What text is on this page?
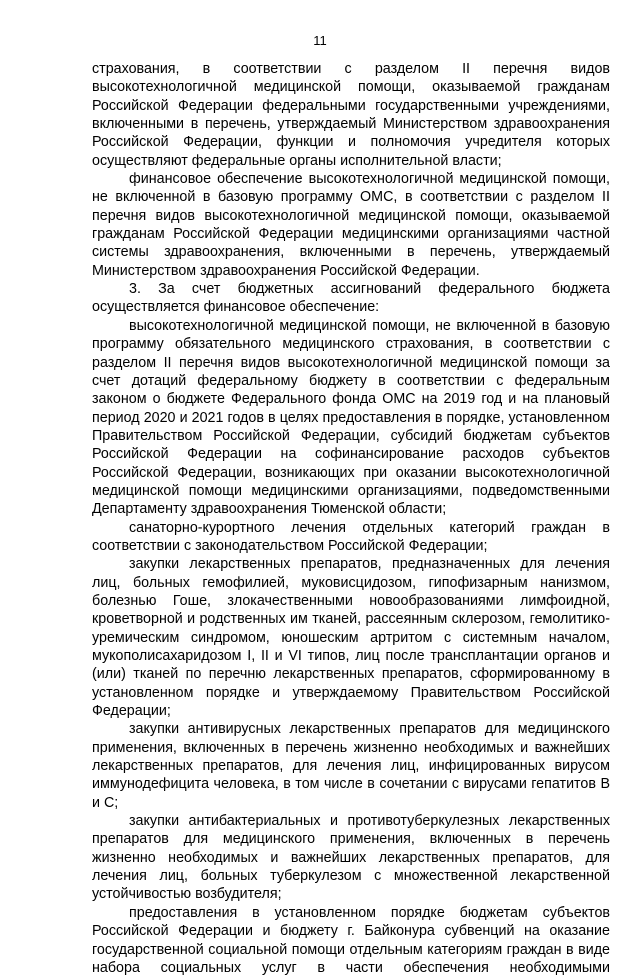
11

страхования, в соответствии с разделом II перечня видов высокотехнологичной медицинской помощи, оказываемой гражданам Российской Федерации федеральными государственными учреждениями, включенными в перечень, утверждаемый Министерством здравоохранения Российской Федерации, функции и полномочия учредителя которых осуществляют федеральные органы исполнительной власти;

финансовое обеспечение высокотехнологичной медицинской помощи, не включенной в базовую программу ОМС, в соответствии с разделом II перечня видов высокотехнологичной медицинской помощи, оказываемой гражданам Российской Федерации медицинскими организациями частной системы здравоохранения, включенными в перечень, утверждаемый Министерством здравоохранения Российской Федерации.

3. За счет бюджетных ассигнований федерального бюджета осуществляется финансовое обеспечение:

высокотехнологичной медицинской помощи, не включенной в базовую программу обязательного медицинского страхования, в соответствии с разделом II перечня видов высокотехнологичной медицинской помощи за счет дотаций федеральному бюджету в соответствии с федеральным законом о бюджете Федерального фонда ОМС на 2019 год и на плановый период 2020 и 2021 годов в целях предоставления в порядке, установленном Правительством Российской Федерации, субсидий бюджетам субъектов Российской Федерации на софинансирование расходов субъектов Российской Федерации, возникающих при оказании высокотехнологичной медицинской помощи медицинскими организациями, подведомственными Департаменту здравоохранения Тюменской области;

санаторно-курортного лечения отдельных категорий граждан в соответствии с законодательством Российской Федерации;

закупки лекарственных препаратов, предназначенных для лечения лиц, больных гемофилией, муковисцидозом, гипофизарным нанизмом, болезнью Гоше, злокачественными новообразованиями лимфоидной, кроветворной и родственных им тканей, рассеянным склерозом, гемолитико-уремическим синдромом, юношеским артритом с системным началом, мукополисахаридозом I, II и VI типов, лиц после трансплантации органов и (или) тканей по перечню лекарственных препаратов, сформированному в установленном порядке и утверждаемому Правительством Российской Федерации;

закупки антивирусных лекарственных препаратов для медицинского применения, включенных в перечень жизненно необходимых и важнейших лекарственных препаратов, для лечения лиц, инфицированных вирусом иммунодефицита человека, в том числе в сочетании с вирусами гепатитов B и C;

закупки антибактериальных и противотуберкулезных лекарственных препаратов для медицинского применения, включенных в перечень жизненно необходимых и важнейших лекарственных препаратов, для лечения лиц, больных туберкулезом с множественной лекарственной устойчивостью возбудителя;

предоставления в установленном порядке бюджетам субъектов Российской Федерации и бюджету г. Байконура субвенций на оказание государственной социальной помощи отдельным категориям граждан в виде набора социальных услуг в части обеспечения необходимыми
